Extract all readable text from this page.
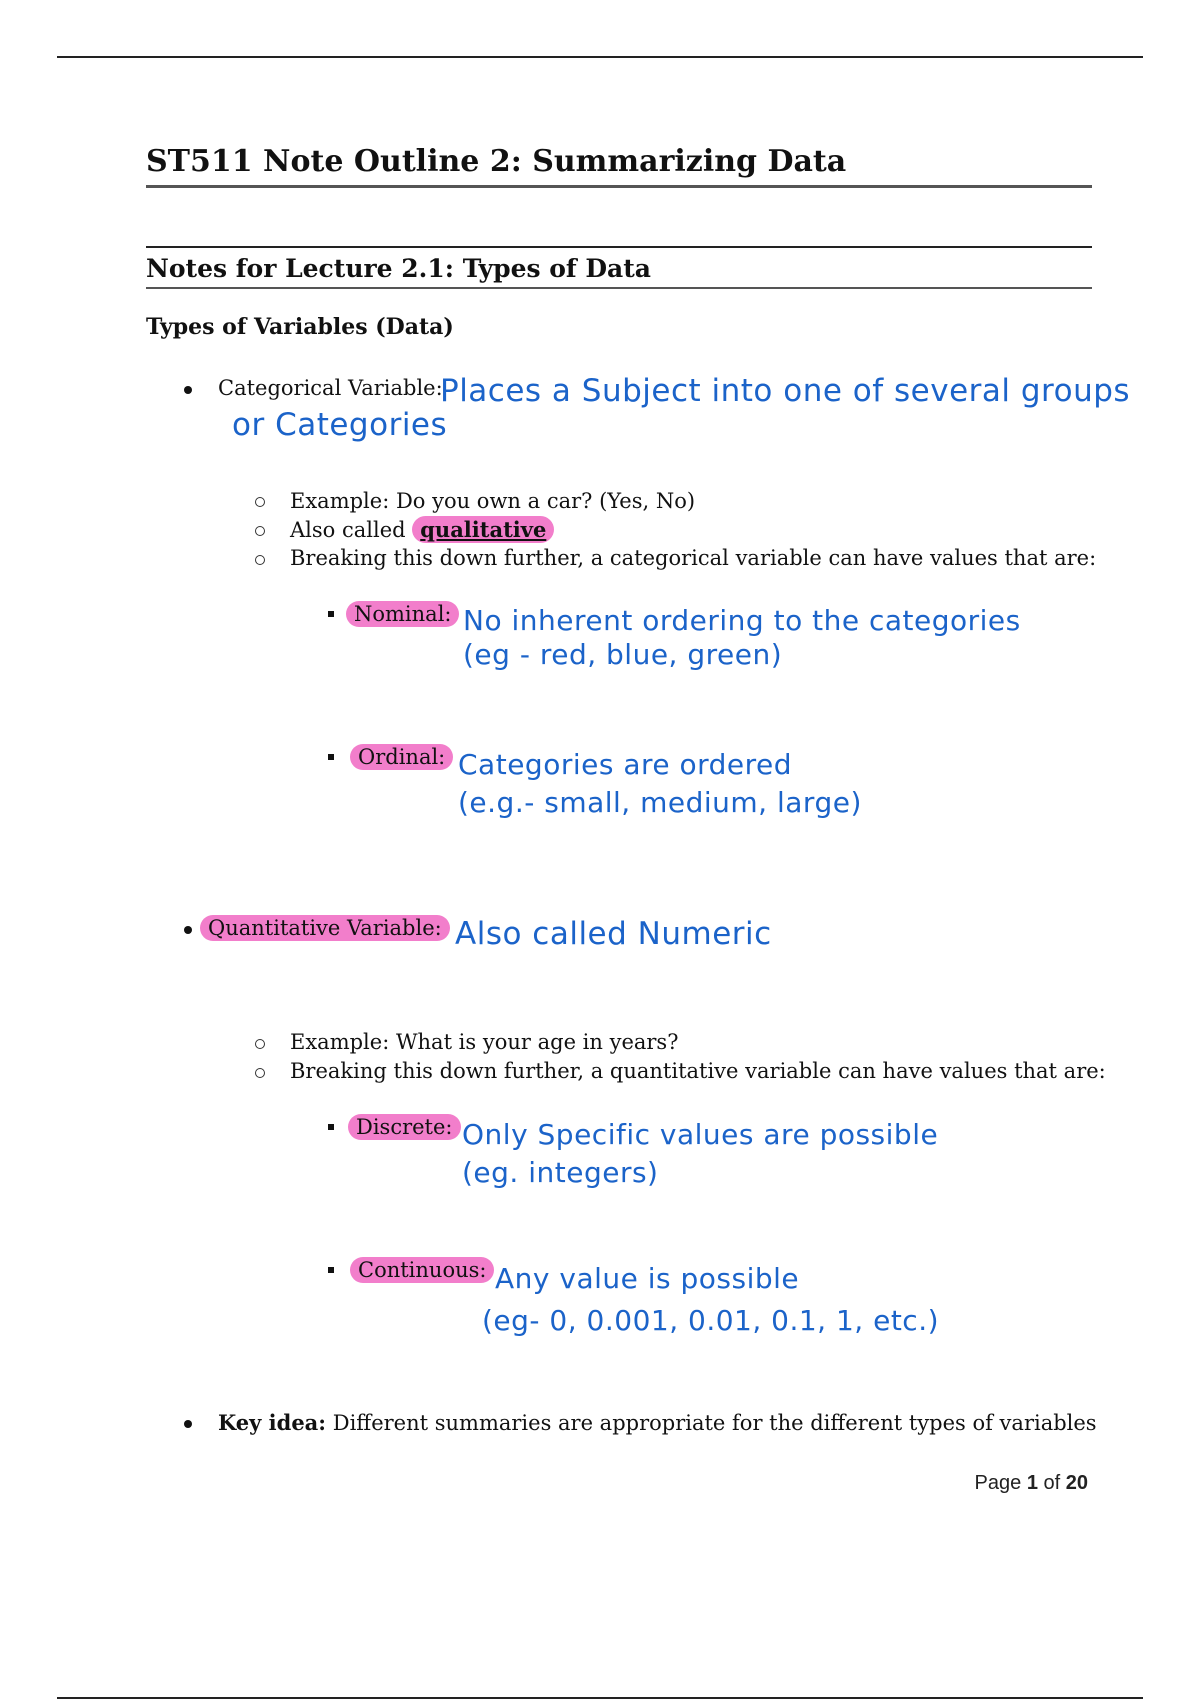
ST511 Note Outline 2: Summarizing Data
Notes for Lecture 2.1: Types of Data
Types of Variables (Data)
Categorical Variable:
Places a Subject into one of several groups
or Categories
Example: Do you own a car? (Yes, No)
Also called qualitative
Breaking this down further, a categorical variable can have values that are:
Nominal: No inherent ordering to the categories
(eg - red, blue, green)
Ordinal: Categories are ordered
(e.g.- small, medium, large)
Quantitative Variable: Also called Numeric
Example: What is your age in years?
Breaking this down further, a quantitative variable can have values that are:
Discrete: Only Specific values are possible
(eg. integers)
Continuous: Any value is possible
(eg- 0, 0.001, 0.01, 0.1, 1, etc.)
Key idea: Different summaries are appropriate for the different types of variables
Page 1 of 20
